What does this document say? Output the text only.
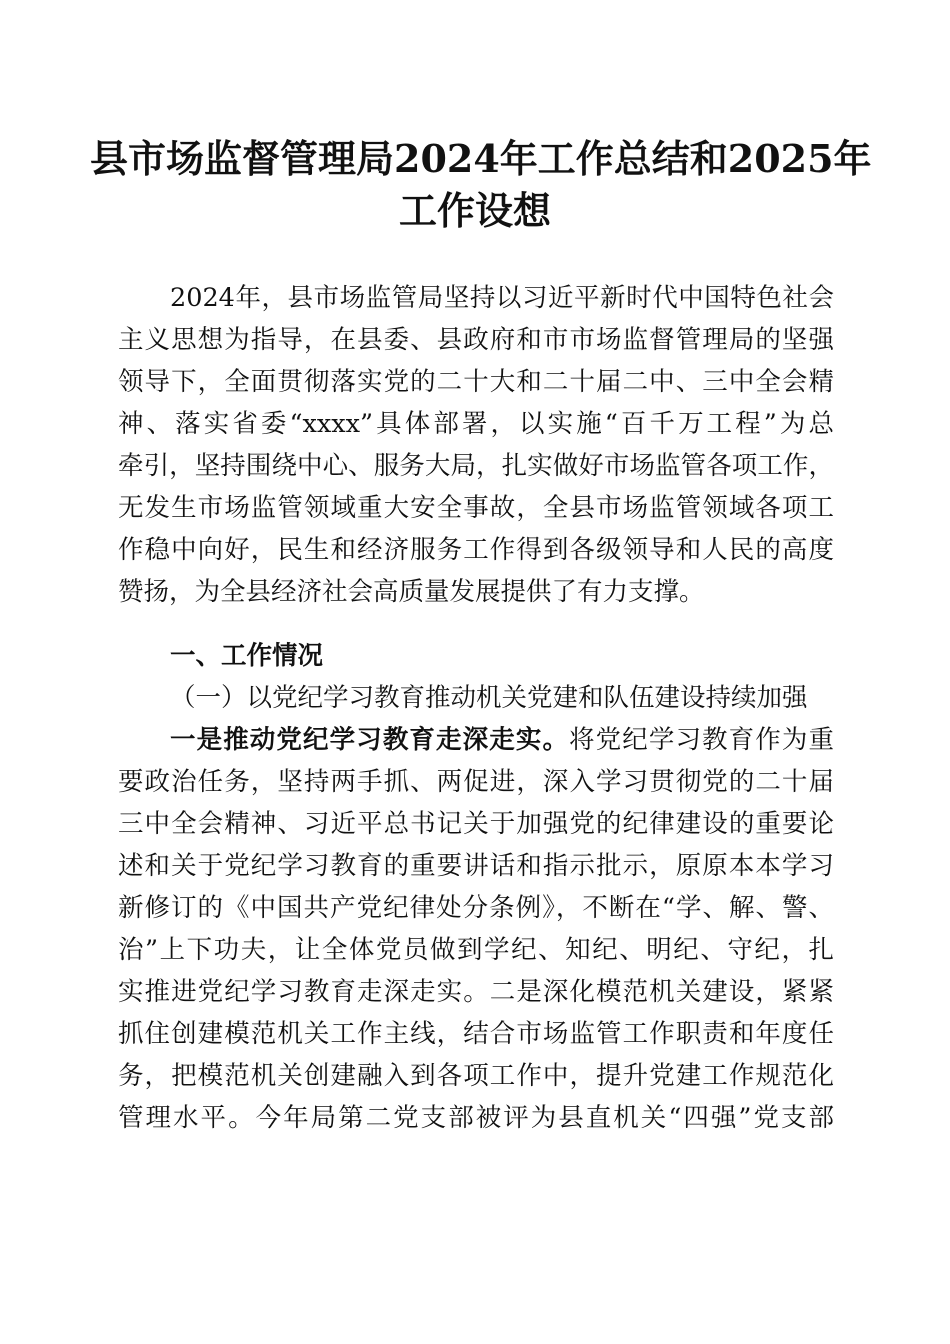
县市场监督管理局2024年工作总结和2025年
工作设想
2024年，县市场监管局坚持以习近平新时代中国特色社会
主义思想为指导，在县委、县政府和市市场监督管理局的坚强
领导下，全面贯彻落实党的二十大和二十届二中、三中全会精
神、落实省委“xxxx”具体部署，以实施“百千万工程”为总
牵引，坚持围绕中心、服务大局，扎实做好市场监管各项工作，
无发生市场监管领域重大安全事故，全县市场监管领域各项工
作稳中向好，民生和经济服务工作得到各级领导和人民的高度
赞扬，为全县经济社会高质量发展提供了有力支撑。
一、工作情况
（一）以党纪学习教育推动机关党建和队伍建设持续加强
一是推动党纪学习教育走深走实。将党纪学习教育作为重
要政治任务，坚持两手抓、两促进，深入学习贯彻党的二十届
三中全会精神、习近平总书记关于加强党的纪律建设的重要论
述和关于党纪学习教育的重要讲话和指示批示，原原本本学习
新修订的《中国共产党纪律处分条例》，不断在“学、解、警、
治”上下功夫，让全体党员做到学纪、知纪、明纪、守纪，扎
实推进党纪学习教育走深走实。二是深化模范机关建设，紧紧
抓住创建模范机关工作主线，结合市场监管工作职责和年度任
务，把模范机关创建融入到各项工作中，提升党建工作规范化
管理水平。今年局第二党支部被评为县直机关“四强”党支部
